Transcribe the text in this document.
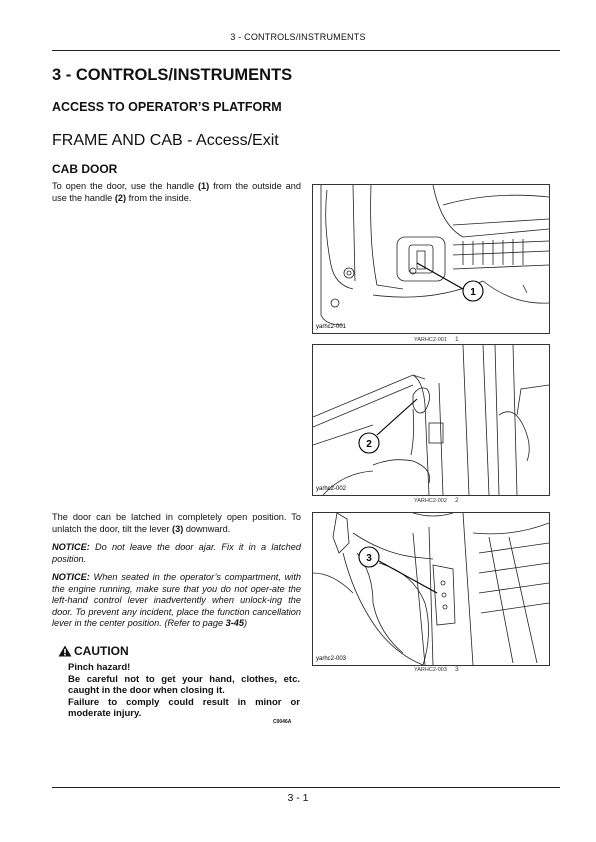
3 - CONTROLS/INSTRUMENTS
3 - CONTROLS/INSTRUMENTS
ACCESS TO OPERATOR’S PLATFORM
FRAME AND CAB - Access/Exit
CAB DOOR
To open the door, use the handle (1) from the outside and use the handle (2) from the inside.
The door can be latched in completely open position. To unlatch the door, tilt the lever (3) downward.
NOTICE: Do not leave the door ajar. Fix it in a latched position.
NOTICE: When seated in the operator’s compartment, with the engine running, make sure that you do not oper-ate the left-hand control lever inadvertently when unlock-ing the door. To prevent any incident, place the function cancellation lever in the center position. (Refer to page 3-45)
CAUTION
Pinch hazard!
Be careful not to get your hand, clothes, etc. caught in the door when closing it.
Failure to comply could result in minor or moderate injury.
C0046A
1
yarhc2-001
YARHC2-001 1
2
yarhc2-002
YARHC2-002 2
3
yarhc2-003
YARHC2-003 3
3 - 1
